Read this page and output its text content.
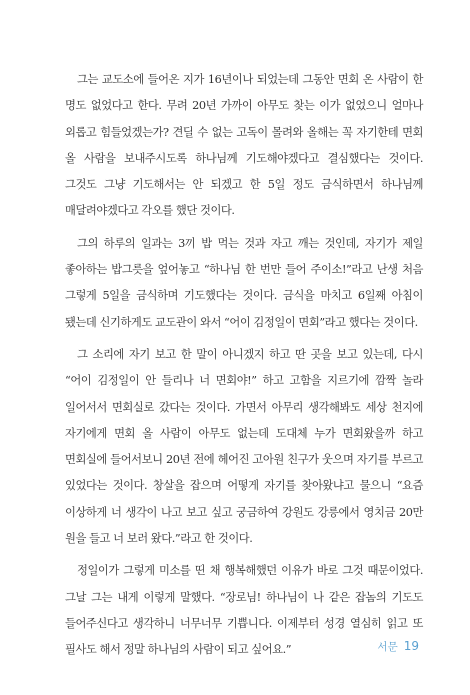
그는 교도소에 들어온 지가 16년이나 되었는데 그동안 면회 온 사람이 한 명도 없었다고 한다. 무려 20년 가까이 아무도 찾는 이가 없었으니 얼마나 외롭고 힘들었겠는가? 견딜 수 없는 고독이 몰려와 올해는 꼭 자기한테 면회 올 사람을 보내주시도록 하나님께 기도해야겠다고 결심했다는 것이다. 그것도 그냥 기도해서는 안 되겠고 한 5일 정도 금식하면서 하나님께 매달려야겠다고 각오를 했단 것이다.

그의 하루의 일과는 3끼 밥 먹는 것과 자고 깨는 것인데, 자기가 제일 좋아하는 밥그릇을 엎어놓고 “하나님 한 번만 들어 주이소!”라고 난생 처음 그렇게 5일을 금식하며 기도했다는 것이다. 금식을 마치고 6일째 아침이 됐는데 신기하게도 교도관이 와서 “어이 김정일이 면회”라고 했다는 것이다.

그 소리에 자기 보고 한 말이 아니겠지 하고 딴 곳을 보고 있는데, 다시 “어이 김정일이 안 들리나 너 면회야!” 하고 고함을 지르기에 깜짝 놀라 일어서서 면회실로 갔다는 것이다. 가면서 아무리 생각해봐도 세상 천지에 자기에게 면회 올 사람이 아무도 없는데 도대체 누가 면회왔을까 하고 면회실에 들어서보니 20년 전에 헤어진 고아원 친구가 웃으며 자기를 부르고 있었다는 것이다. 창살을 잡으며 어떻게 자기를 찾아왔냐고 물으니 “요즘 이상하게 너 생각이 나고 보고 싶고 궁금하여 강원도 강릉에서 영치금 20만 원을 들고 너 보러 왔다.”라고 한 것이다.

정일이가 그렇게 미소를 띤 채 행복해했던 이유가 바로 그것 때문이었다. 그날 그는 내게 이렇게 말했다. “장로님! 하나님이 나 같은 잡놈의 기도도 들어주신다고 생각하니 너무너무 기쁩니다. 이제부터 성경 열심히 읽고 또 필사도 해서 정말 하나님의 사람이 되고 싶어요.”	서문 19
